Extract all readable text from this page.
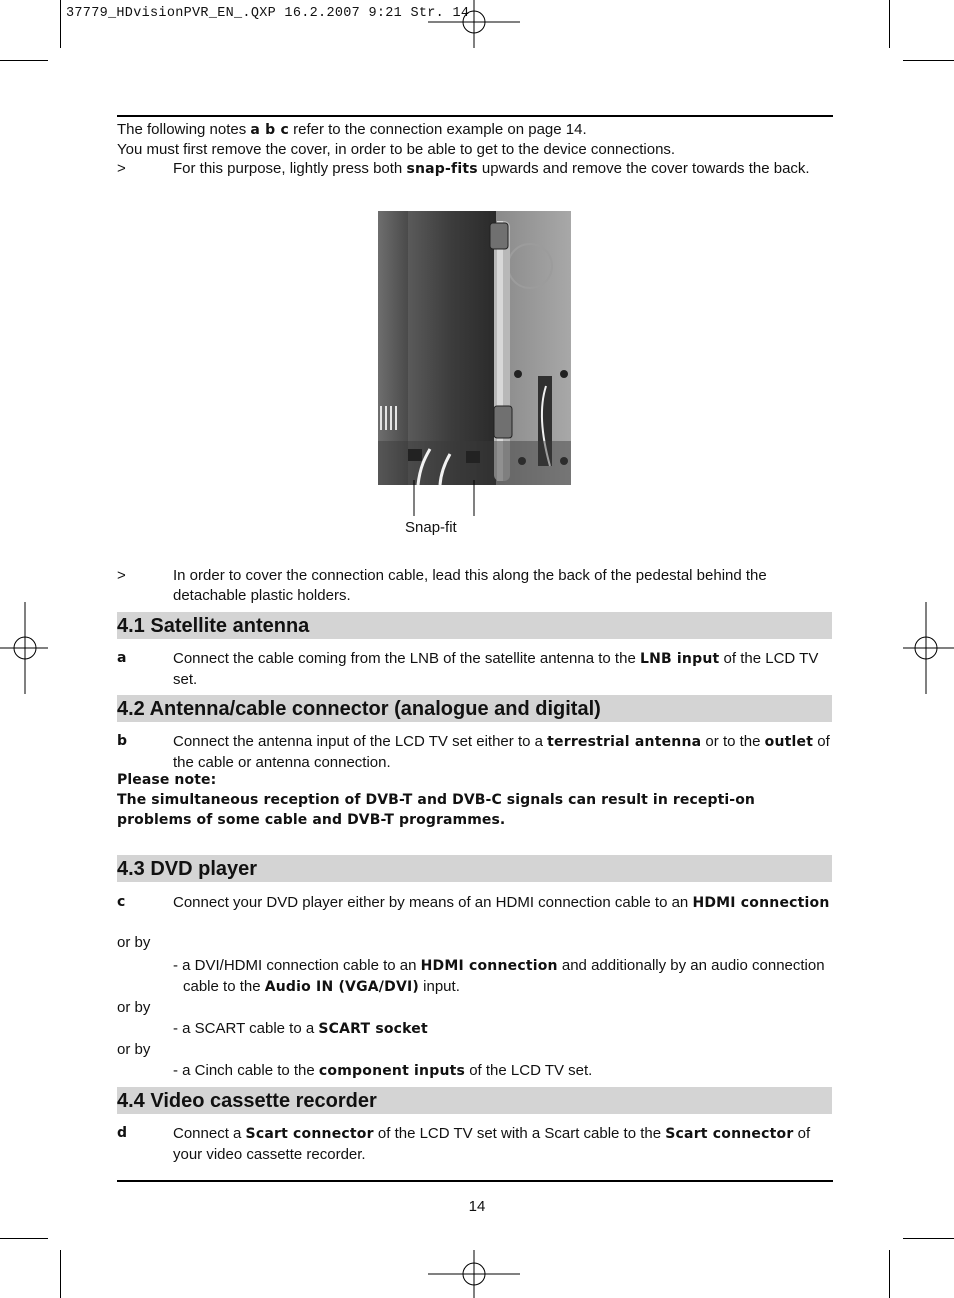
37779_HDvisionPVR_EN_.QXP 16.2.2007 9:21 Str. 14
The following notes a b c refer to the connection example on page 14.
You must first remove the cover, in order to be able to get to the device connections.
>	For this purpose, lightly press both snap-fits upwards and remove the cover towards the back.
Snap-fit
>	In order to cover the connection cable, lead this along the back of the pedestal behind the detachable plastic holders.
4.1 Satellite antenna
a	Connect the cable coming from the LNB of the satellite antenna to the LNB input of the LCD TV set.
4.2 Antenna/cable connector (analogue and digital)
b	Connect the antenna input of the LCD TV set either to a terrestrial antenna or to the outlet of the cable or antenna connection.
Please note:
The simultaneous reception of DVB-T and DVB-C signals can result in recepti-on problems of some cable and DVB-T programmes.
4.3 DVD player
c	Connect your DVD player either by means of an HDMI connection cable to an HDMI connection
or by
- a DVI/HDMI connection cable to an HDMI connection and additionally by an audio connection cable to the Audio IN (VGA/DVI) input.
or by
- a SCART cable to a SCART socket
or by
- a Cinch cable to the component inputs of the LCD TV set.
4.4 Video cassette recorder
d	Connect a Scart connector of the LCD TV set with a Scart cable to the Scart connector of your video cassette recorder.
14
